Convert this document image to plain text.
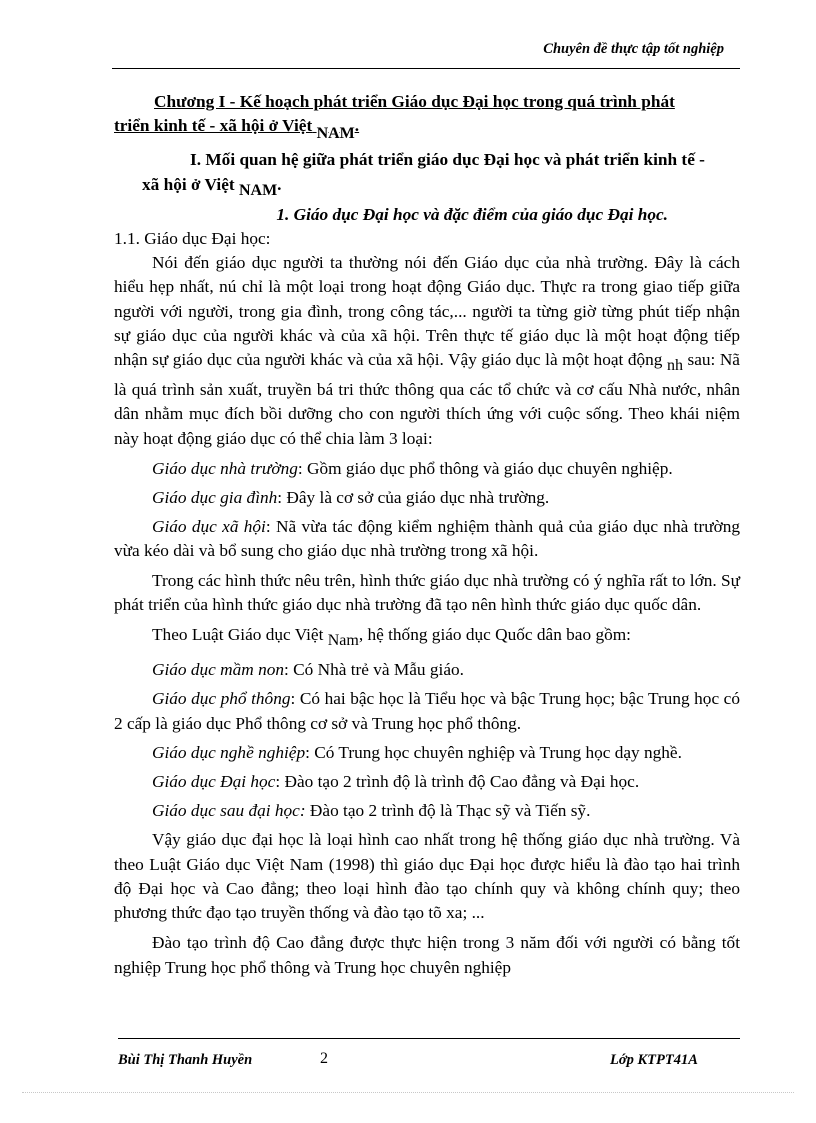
Chuyên đề thực tập tốt nghiệp

Chương I - Kế hoạch phát triển Giáo dục Đại học trong quá trình phát
triển kinh tế - xã hội ở Việt NAM.

I. Mối quan hệ giữa phát triển giáo dục Đại học và phát triển kinh tế -
xã hội ở Việt NAM.

1. Giáo dục Đại học và đặc điểm của giáo dục Đại học.

1.1. Giáo dục Đại học:

Nói đến giáo dục người ta thường nói đến Giáo dục của nhà trường. Đây là cách hiểu hẹp nhất, nú chỉ là một loại trong hoạt động Giáo dục. Thực ra trong giao tiếp giữa người với người, trong gia đình, trong công tác,... người ta từng giờ từng phút tiếp nhận sự giáo dục của người khác và của xã hội. Trên thực tế giáo dục là một hoạt động tiếp nhận sự giáo dục của người khác và của xã hội. Vậy giáo dục là một hoạt động nh sau: Nã là quá trình sản xuất, truyền bá tri thức thông qua các tổ chức và cơ cấu Nhà nước, nhân dân nhằm mục đích bồi dưỡng cho con người thích ứng với cuộc sống. Theo khái niệm này hoạt động giáo dục có thể chia làm 3 loại:

Giáo dục nhà trường: Gồm giáo dục phổ thông và giáo dục chuyên nghiệp.

Giáo dục gia đình: Đây là cơ sở của giáo dục nhà trường.

Giáo dục xã hội: Nã vừa tác động kiểm nghiệm thành quả của giáo dục nhà trường vừa kéo dài và bổ sung cho giáo dục nhà trường trong xã hội.

Trong các hình thức nêu trên, hình thức giáo dục nhà trường có ý nghĩa rất to lớn. Sự phát triển của hình thức giáo dục nhà trường đã tạo nên hình thức giáo dục quốc dân.

Theo Luật Giáo dục Việt Nam, hệ thống giáo dục Quốc dân bao gồm:

Giáo dục mầm non: Có Nhà trẻ và Mẫu giáo.

Giáo dục phổ thông: Có hai bậc học là Tiểu học và bậc Trung học; bậc Trung học có 2 cấp là giáo dục Phổ thông cơ sở và Trung học phổ thông.

Giáo dục nghề nghiệp: Có Trung học chuyên nghiệp và Trung học dạy nghề.

Giáo dục Đại học: Đào tạo 2 trình độ là trình độ Cao đẳng và Đại học.

Giáo dục sau đại học: Đào tạo 2 trình độ là Thạc sỹ và Tiến sỹ.

Vậy giáo dục đại học là loại hình cao nhất trong hệ thống giáo dục nhà trường. Và theo Luật Giáo dục Việt Nam (1998) thì giáo dục Đại học được hiểu là đào tạo hai trình độ Đại học và Cao đẳng; theo loại hình đào tạo chính quy và không chính quy; theo phương thức đạo tạo truyền thống và đào tạo tõ xa; ...

Đào tạo trình độ Cao đẳng được thực hiện trong 3 năm đối với người có bằng tốt nghiệp Trung học phổ thông và Trung học chuyên nghiệp

Bùi Thị Thanh Huyền	2	Lớp KTPT41A
